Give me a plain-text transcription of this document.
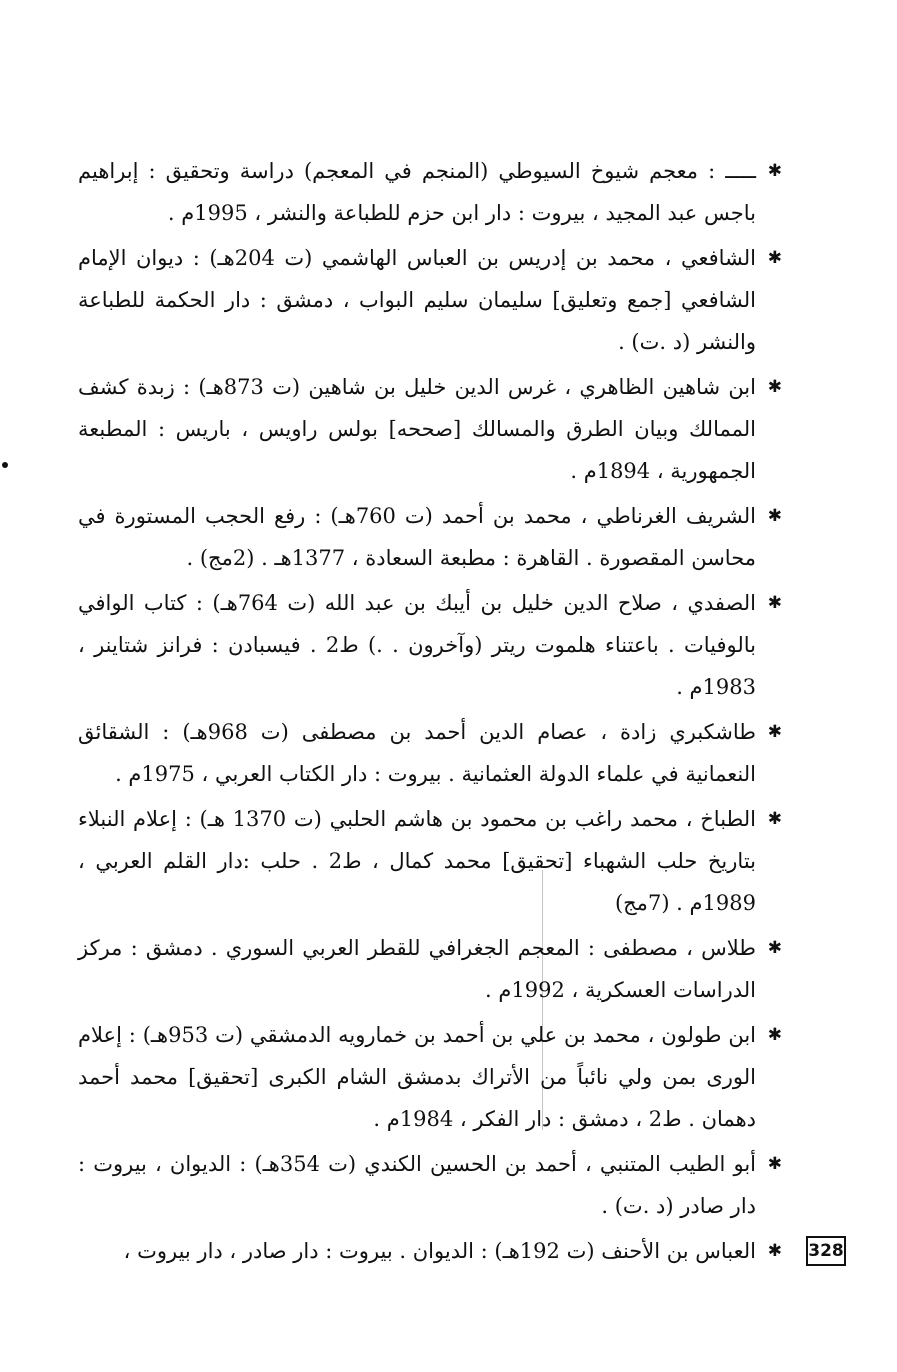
✱
ـــــ : معجم شيوخ السيوطي (المنجم في المعجم) دراسة وتحقيق : إبراهيم باجس عبد المجيد ، بيروت : دار ابن حزم للطباعة والنشر ، 1995م .
✱
الشافعي ، محمد بن إدريس بن العباس الهاشمي (ت 204هـ) : ديوان الإمام الشافعي [جمع وتعليق] سليمان سليم البواب ، دمشق : دار الحكمة للطباعة والنشر (د .ت) .
✱
ابن شاهين الظاهري ، غرس الدين خليل بن شاهين (ت 873هـ) : زبدة كشف الممالك وبيان الطرق والمسالك [صححه] بولس راويس ، باريس : المطبعة الجمهورية ، 1894م .
✱
الشريف الغرناطي ، محمد بن أحمد (ت 760هـ) : رفع الحجب المستورة في محاسن المقصورة . القاهرة : مطبعة السعادة ، 1377هـ . (2مج) .
✱
الصفدي ، صلاح الدين خليل بن أيبك بن عبد الله (ت 764هـ) : كتاب الوافي بالوفيات . باعتناء هلموت ريتر (وآخرون . .) ط2 . فيسبادن : فرانز شتاينر ، 1983م .
✱
طاشكبري زادة ، عصام الدين أحمد بن مصطفى (ت 968هـ) : الشقائق النعمانية في علماء الدولة العثمانية . بيروت : دار الكتاب العربي ، 1975م .
✱
الطباخ ، محمد راغب بن محمود بن هاشم الحلبي (ت 1370 هـ) : إعلام النبلاء بتاريخ حلب الشهباء [تحقيق] محمد كمال ، ط2 . حلب :دار القلم العربي ، 1989م . (7مج)
✱
طلاس ، مصطفى : المعجم الجغرافي للقطر العربي السوري . دمشق : مركز الدراسات العسكرية ، 1992م .
✱
ابن طولون ، محمد بن علي بن أحمد بن خمارويه الدمشقي (ت 953هـ) : إعلام الورى بمن ولي نائباً من الأتراك بدمشق الشام الكبرى [تحقيق] محمد أحمد دهمان . ط2 ، دمشق : دار الفكر ، 1984م .
✱
أبو الطيب المتنبي ، أحمد بن الحسين الكندي (ت 354هـ) : الديوان ، بيروت : دار صادر (د .ت) .
✱
العباس بن الأحنف (ت 192هـ) : الديوان . بيروت : دار صادر ، دار بيروت ،	328
